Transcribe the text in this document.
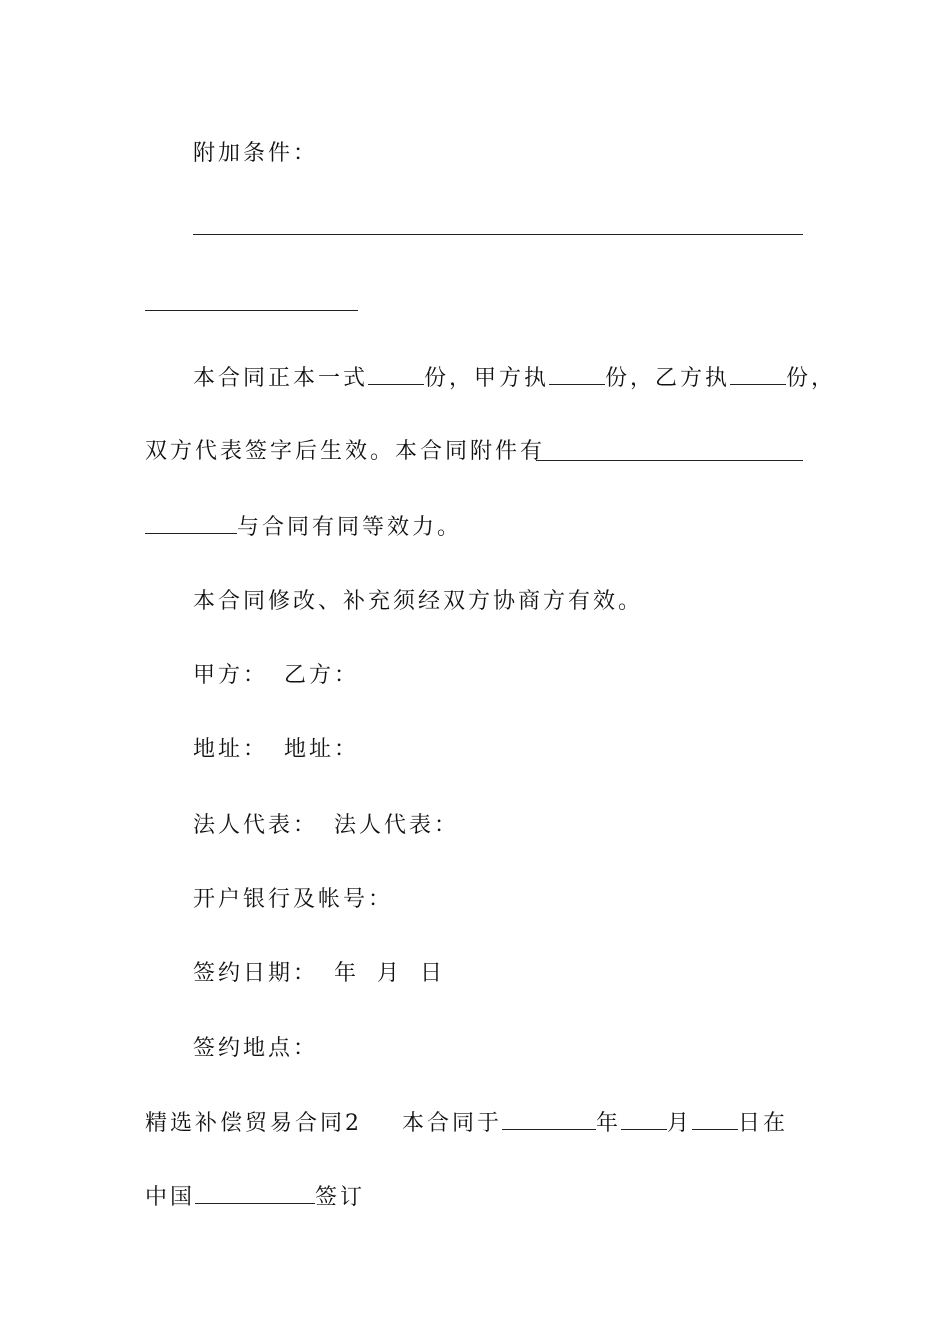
附加条件：
本合同正本一式	份，甲方执	份，乙方执	份，
双方代表签字后生效。本合同附件有
与合同有同等效力。
本合同修改、补充须经双方协商方有效。
甲方： 乙方：
地址： 地址：
法人代表： 法人代表：
开户银行及帐号：
签约日期： 年 月 日
签约地点：
精选补偿贸易合同2 本合同于	年 月 日在
中国	签订
